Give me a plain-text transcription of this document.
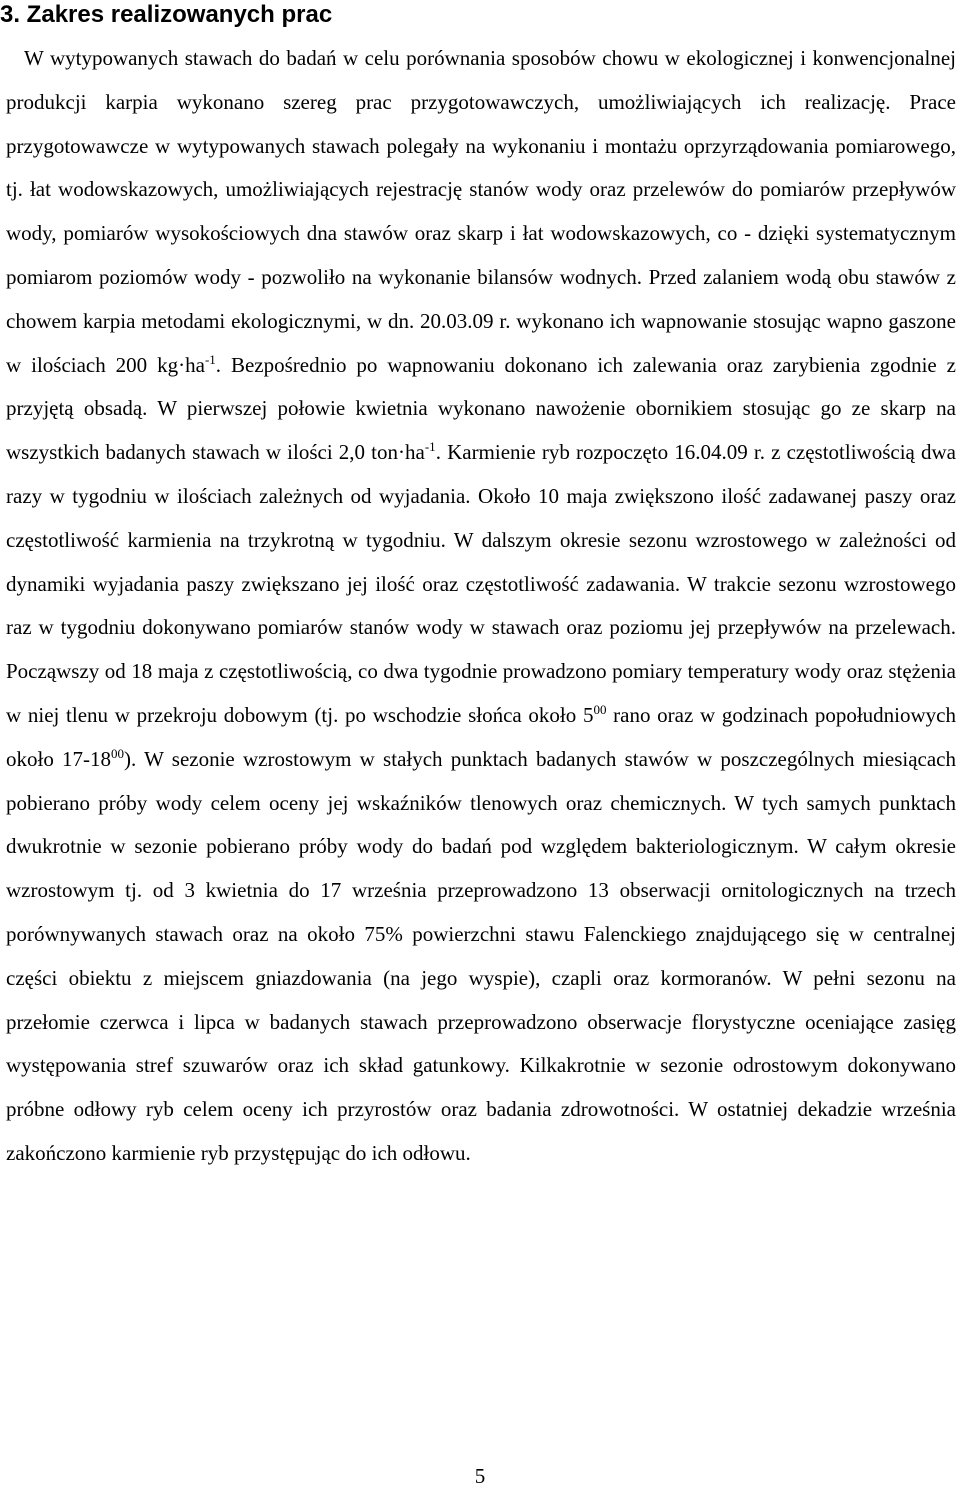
3. Zakres realizowanych prac

W wytypowanych stawach do badań w celu porównania sposobów chowu w ekologicznej i konwencjonalnej produkcji karpia wykonano szereg prac przygotowawczych, umożliwiających ich realizację. Prace przygotowawcze w wytypowanych stawach polegały na wykonaniu i montażu oprzyrządowania pomiarowego, tj. łat wodowskazowych, umożliwiających rejestrację stanów wody oraz przelewów do pomiarów przepływów wody, pomiarów wysokościowych dna stawów oraz skarp i łat wodowskazowych, co - dzięki systematycznym pomiarom poziomów wody - pozwoliło na wykonanie bilansów wodnych. Przed zalaniem wodą obu stawów z chowem karpia metodami ekologicznymi, w dn. 20.03.09 r. wykonano ich wapnowanie stosując wapno gaszone w ilościach 200 $kg\cdot ha^{-1}$. Bezpośrednio po wapnowaniu dokonano ich zalewania oraz zarybienia zgodnie z przyjętą obsadą. W pierwszej połowie kwietnia wykonano nawożenie obornikiem stosując go ze skarp na wszystkich badanych stawach w ilości 2,0 $ton\cdot ha^{-1}$. Karmienie ryb rozpoczęto 16.04.09 r. z częstotliwością dwa razy w tygodniu w ilościach zależnych od wyjadania. Około 10 maja zwiększono ilość zadawanej paszy oraz częstotliwość karmienia na trzykrotną w tygodniu. W dalszym okresie sezonu wzrostowego w zależności od dynamiki wyjadania paszy zwiększano jej ilość oraz częstotliwość zadawania. W trakcie sezonu wzrostowego raz w tygodniu dokonywano pomiarów stanów wody w stawach oraz poziomu jej przepływów na przelewach. Począwszy od 18 maja z częstotliwością, co dwa tygodnie prowadzono pomiary temperatury wody oraz stężenia w niej tlenu w przekroju dobowym (tj. po wschodzie słońca około $5^{00}$ rano oraz w godzinach popołudniowych około $17-18^{00}$). W sezonie wzrostowym w stałych punktach badanych stawów w poszczególnych miesiącach pobierano próby wody celem oceny jej wskaźników tlenowych oraz chemicznych. W tych samych punktach dwukrotnie w sezonie pobierano próby wody do badań pod względem bakteriologicznym. W całym okresie wzrostowym tj. od 3 kwietnia do 17 września przeprowadzono 13 obserwacji ornitologicznych na trzech porównywanych stawach oraz na około 75% powierzchni stawu Falenckiego znajdującego się w centralnej części obiektu z miejscem gniazdowania (na jego wyspie), czapli oraz kormoranów. W pełni sezonu na przełomie czerwca i lipca w badanych stawach przeprowadzono obserwacje florystyczne oceniające zasięg występowania stref szuwarów oraz ich skład gatunkowy. Kilkakrotnie w sezonie odrostowym dokonywano próbne odłowy ryb celem oceny ich przyrostów oraz badania zdrowotności. W ostatniej dekadzie września zakończono karmienie ryb przystępując do ich odłowu.

5
